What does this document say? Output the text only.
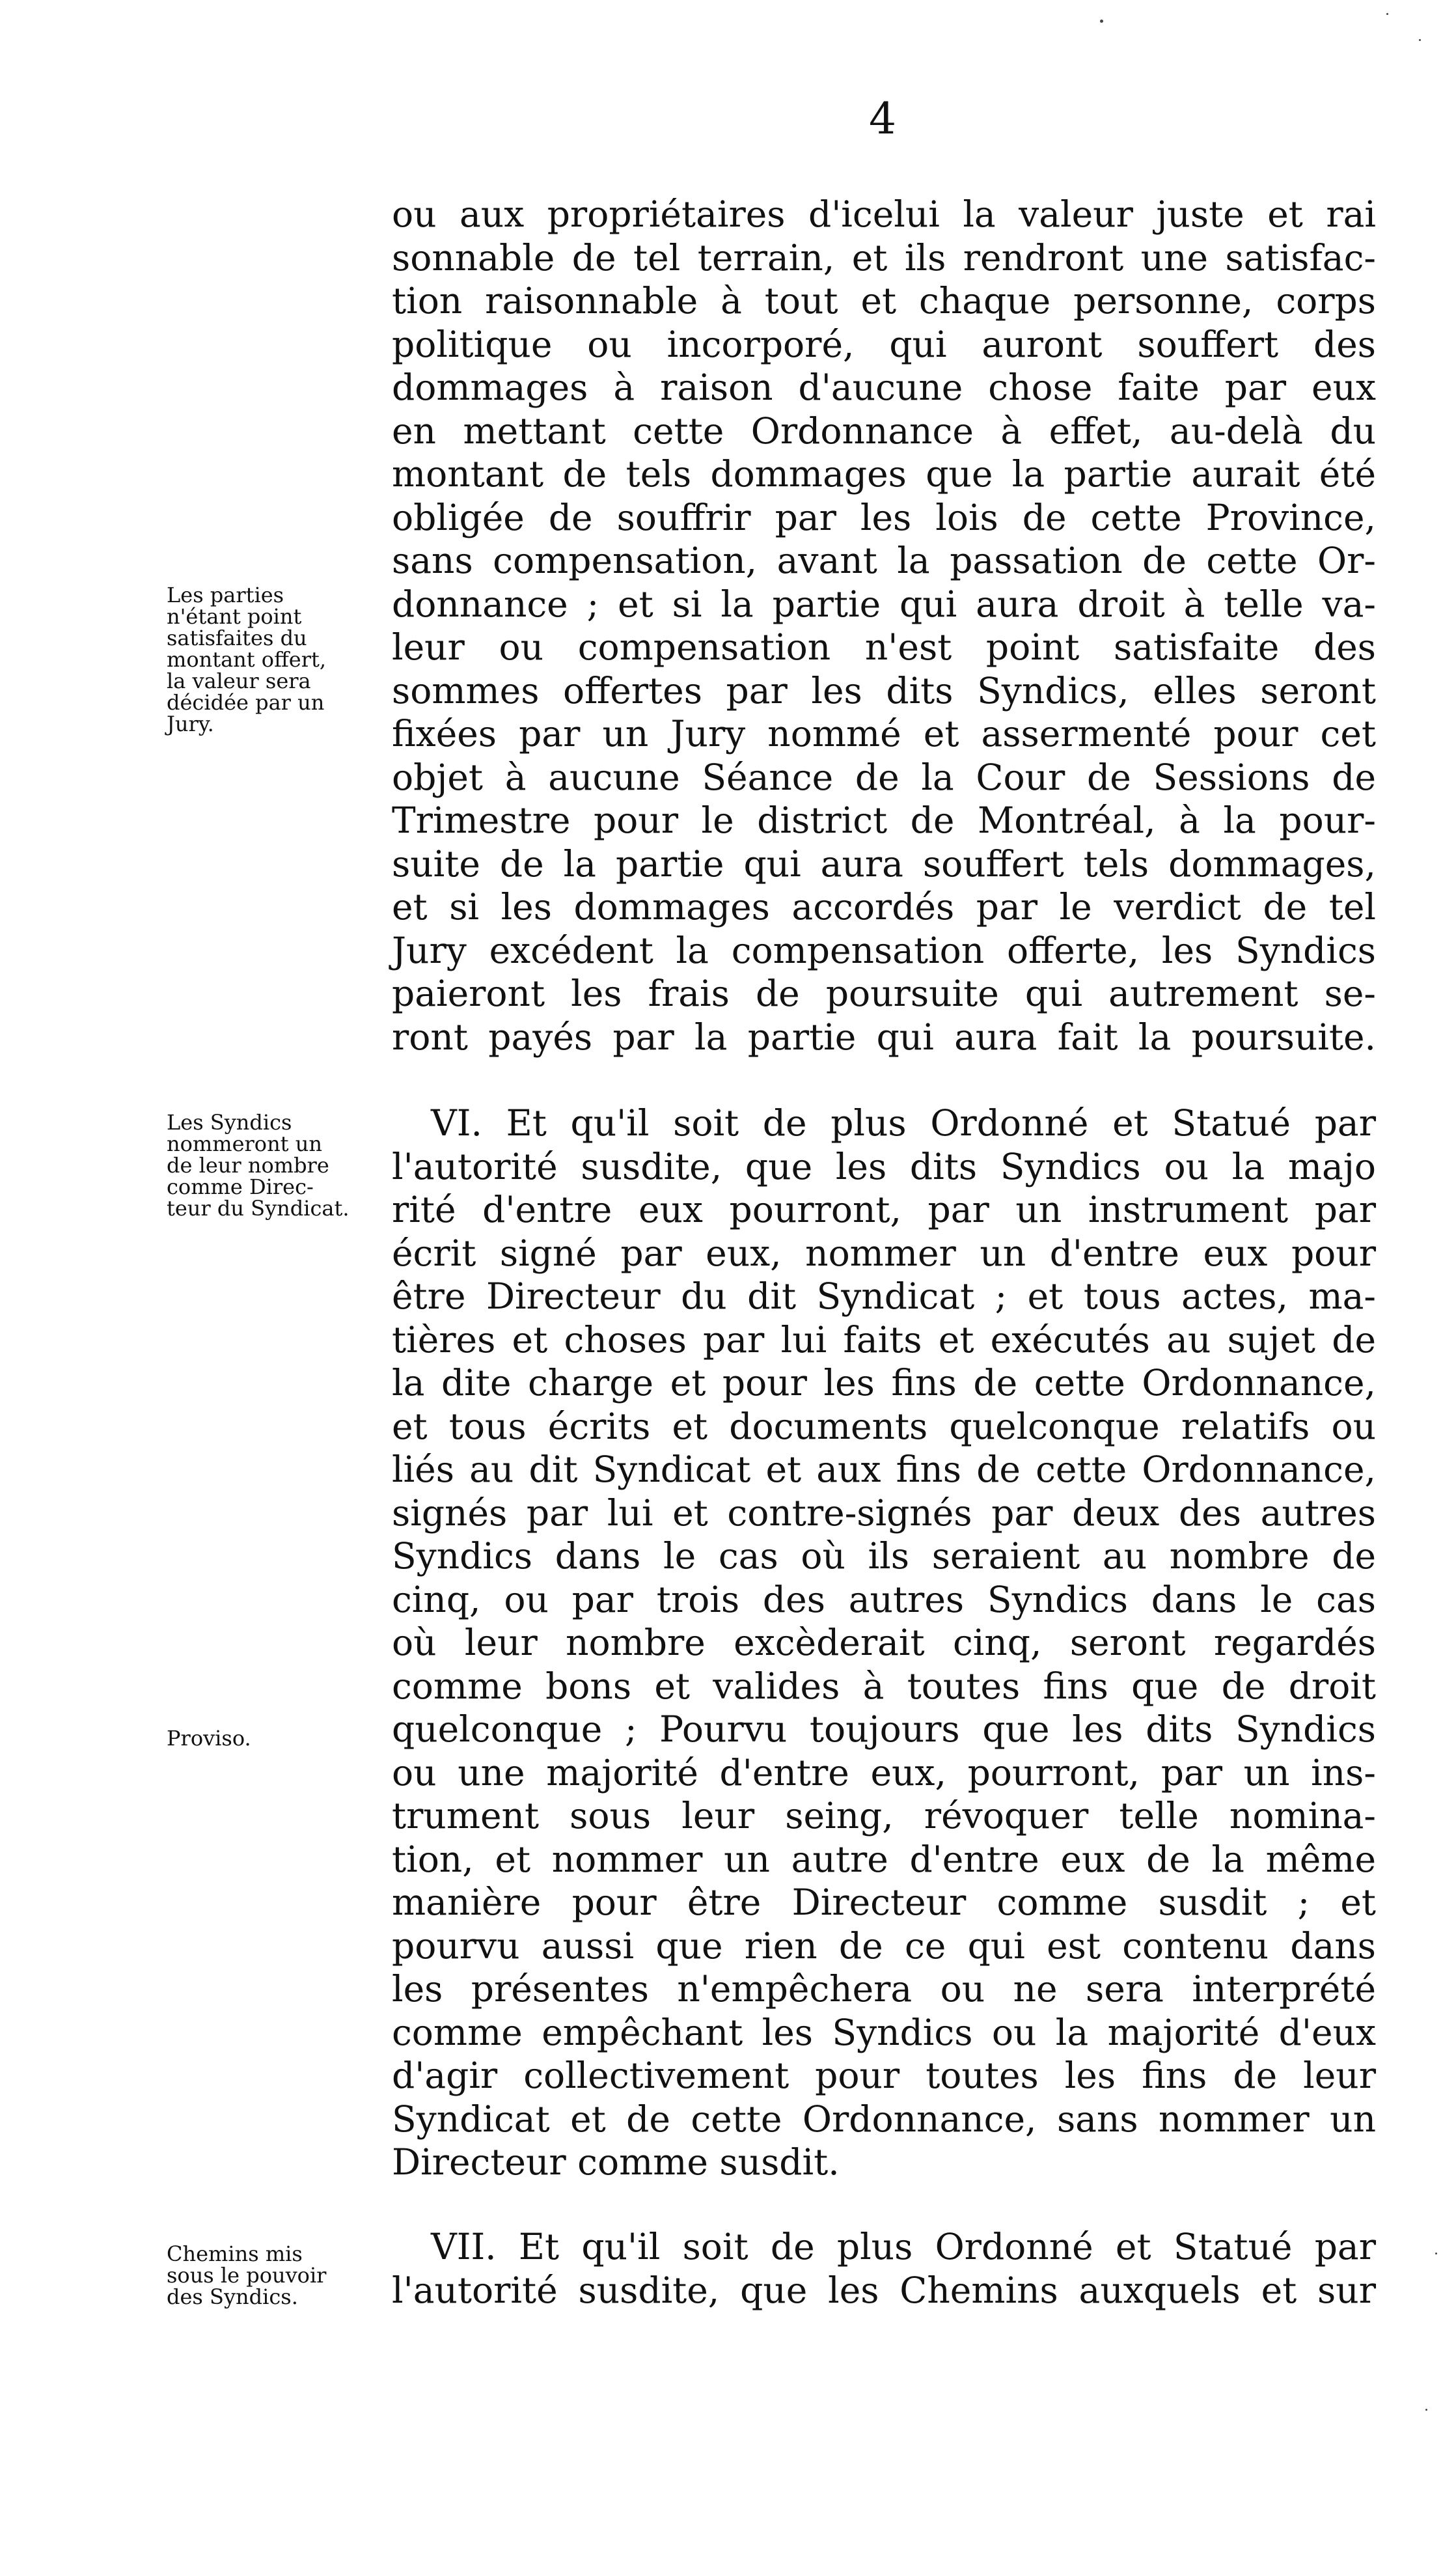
4
Les parties
n'étant point
satisfaites du
montant offert,
la valeur sera
décidée par un
Jury.
Les Syndics
nommeront un
de leur nombre
comme Direc-
teur du Syndicat.
Proviso.
Chemins mis
sous le pouvoir
des Syndics.
ou aux propriétaires d'icelui la valeur juste et rai
sonnable de tel terrain, et ils rendront une satisfac-
tion raisonnable à tout et chaque personne, corps
politique ou incorporé, qui auront souffert des
dommages à raison d'aucune chose faite par eux
en mettant cette Ordonnance à effet, au-delà du
montant de tels dommages que la partie aurait été
obligée de souffrir par les lois de cette Province,
sans compensation, avant la passation de cette Or-
donnance ; et si la partie qui aura droit à telle va-
leur ou compensation n'est point satisfaite des
sommes offertes par les dits Syndics, elles seront
fixées par un Jury nommé et assermenté pour cet
objet à aucune Séance de la Cour de Sessions de
Trimestre pour le district de Montréal, à la pour-
suite de la partie qui aura souffert tels dommages,
et si les dommages accordés par le verdict de tel
Jury excédent la compensation offerte, les Syndics
paieront les frais de poursuite qui autrement se-
ront payés par la partie qui aura fait la poursuite.
VI. Et qu'il soit de plus Ordonné et Statué par
l'autorité susdite, que les dits Syndics ou la majo
rité d'entre eux pourront, par un instrument par
écrit signé par eux, nommer un d'entre eux pour
être Directeur du dit Syndicat ; et tous actes, ma-
tières et choses par lui faits et exécutés au sujet de
la dite charge et pour les fins de cette Ordonnance,
et tous écrits et documents quelconque relatifs ou
liés au dit Syndicat et aux fins de cette Ordonnance,
signés par lui et contre-signés par deux des autres
Syndics dans le cas où ils seraient au nombre de
cinq, ou par trois des autres Syndics dans le cas
où leur nombre excèderait cinq, seront regardés
comme bons et valides à toutes fins que de droit
quelconque ; Pourvu toujours que les dits Syndics
ou une majorité d'entre eux, pourront, par un ins-
trument sous leur seing, révoquer telle nomina-
tion, et nommer un autre d'entre eux de la même
manière pour être Directeur comme susdit ; et
pourvu aussi que rien de ce qui est contenu dans
les présentes n'empêchera ou ne sera interprété
comme empêchant les Syndics ou la majorité d'eux
d'agir collectivement pour toutes les fins de leur
Syndicat et de cette Ordonnance, sans nommer un
Directeur comme susdit.
VII. Et qu'il soit de plus Ordonné et Statué par
l'autorité susdite, que les Chemins auxquels et sur
